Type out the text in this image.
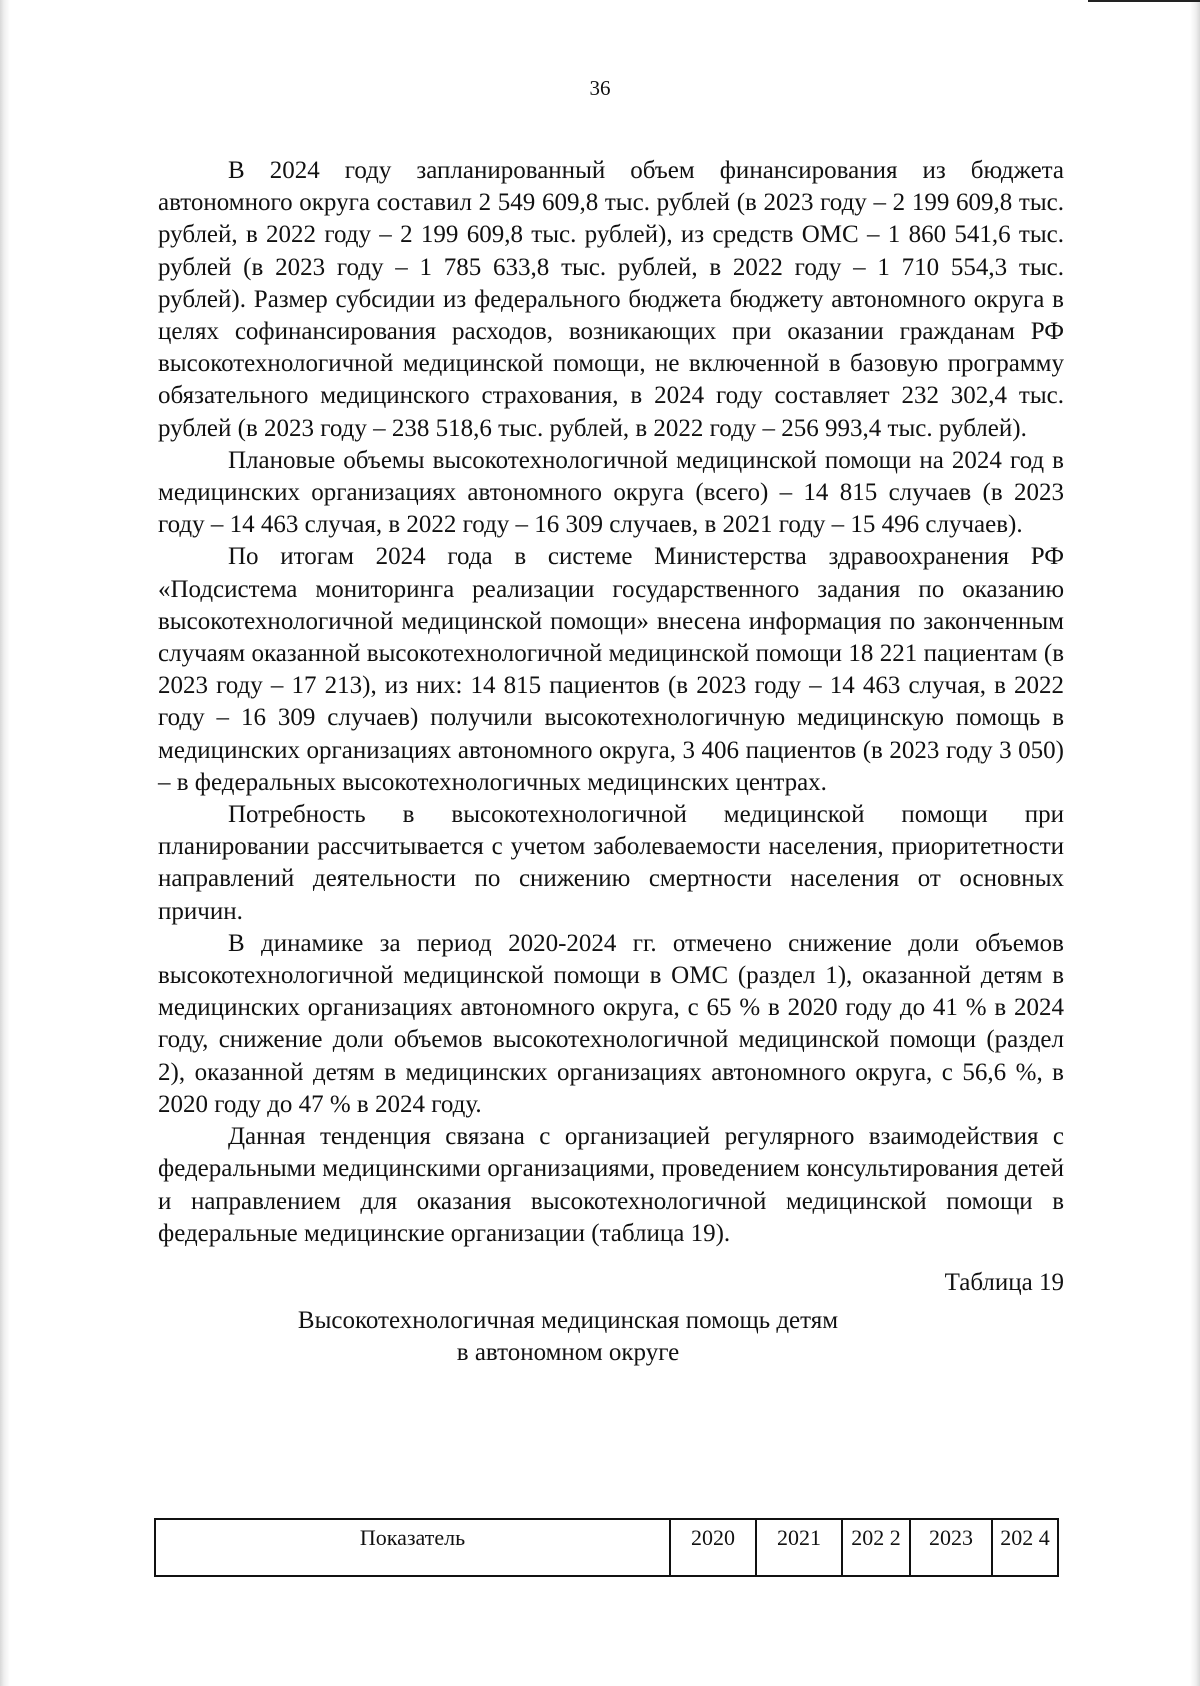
36

В 2024 году запланированный объем финансирования из бюджета автономного округа составил 2 549 609,8 тыс. рублей (в 2023 году – 2 199 609,8 тыс. рублей, в 2022 году – 2 199 609,8 тыс. рублей), из средств ОМС – 1 860 541,6 тыс. рублей (в 2023 году – 1 785 633,8 тыс. рублей, в 2022 году – 1 710 554,3 тыс. рублей). Размер субсидии из федерального бюджета бюджету автономного округа в целях софинансирования расходов, возникающих при оказании гражданам РФ высокотехнологичной медицинской помощи, не включенной в базовую программу обязательного медицинского страхования, в 2024 году составляет 232 302,4 тыс. рублей (в 2023 году – 238 518,6 тыс. рублей, в 2022 году – 256 993,4 тыс. рублей).

Плановые объемы высокотехнологичной медицинской помощи на 2024 год в медицинских организациях автономного округа (всего) – 14 815 случаев (в 2023 году – 14 463 случая, в 2022 году – 16 309 случаев, в 2021 году – 15 496 случаев).

По итогам 2024 года в системе Министерства здравоохранения РФ «Подсистема мониторинга реализации государственного задания по оказанию высокотехнологичной медицинской помощи» внесена информация по законченным случаям оказанной высокотехнологичной медицинской помощи 18 221 пациентам (в 2023 году – 17 213), из них: 14 815 пациентов (в 2023 году – 14 463 случая, в 2022 году – 16 309 случаев) получили высокотехнологичную медицинскую помощь в медицинских организациях автономного округа, 3 406 пациентов (в 2023 году 3 050) – в федеральных высокотехнологичных медицинских центрах.

Потребность в высокотехнологичной медицинской помощи при планировании рассчитывается с учетом заболеваемости населения, приоритетности направлений деятельности по снижению смертности населения от основных причин.

В динамике за период 2020-2024 гг. отмечено снижение доли объемов высокотехнологичной медицинской помощи в ОМС (раздел 1), оказанной детям в медицинских организациях автономного округа, с 65 % в 2020 году до 41 % в 2024 году, снижение доли объемов высокотехнологичной медицинской помощи (раздел 2), оказанной детям в медицинских организациях автономного округа, с 56,6 %, в 2020 году до 47 % в 2024 году.

Данная тенденция связана с организацией регулярного взаимодействия с федеральными медицинскими организациями, проведением консультирования детей и направлением для оказания высокотехнологичной медицинской помощи в федеральные медицинские организации (таблица 19).

Таблица 19
Высокотехнологичная медицинская помощь детям
в автономном округе
Показатель	2020	2021	202 2	2023	202 4
